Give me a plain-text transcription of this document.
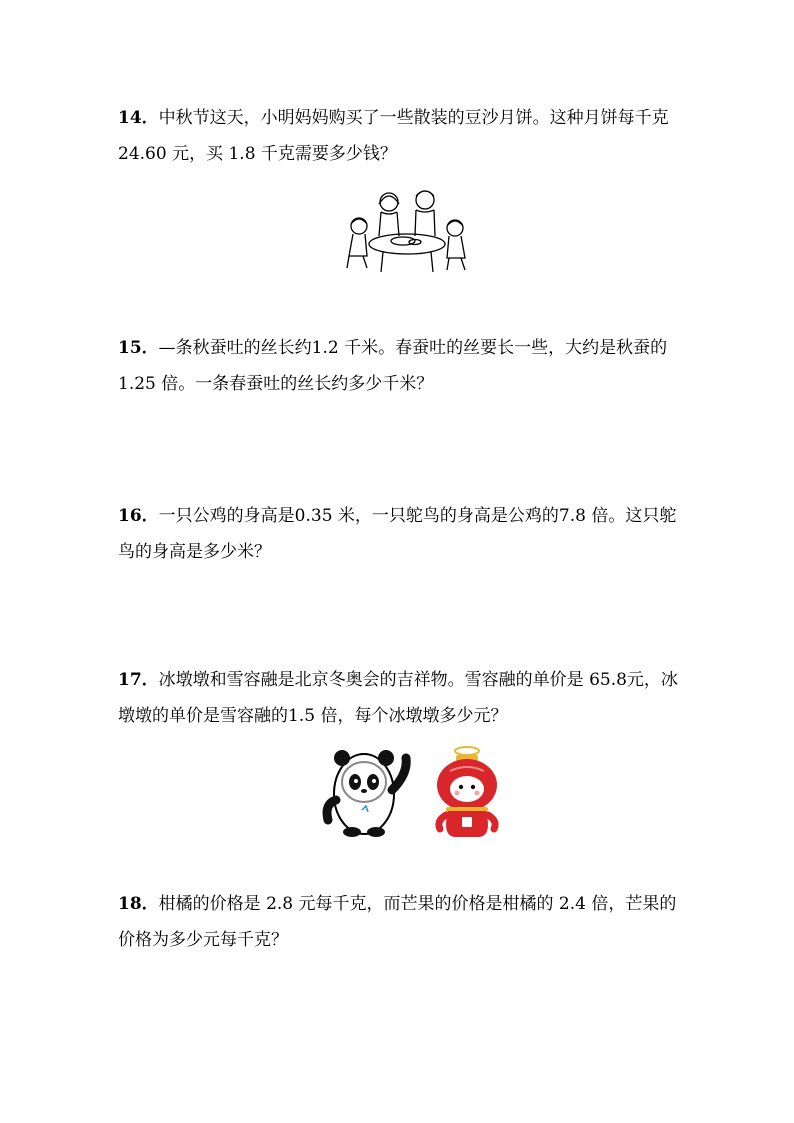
14．中秋节这天，小明妈妈购买了一些散装的豆沙月饼。这种月饼每千克 24.60 元，买 1.8 千克需要多少钱？

15．—条秋蚕吐的丝长约1.2 千米。春蚕吐的丝要长一些，大约是秋蚕的 1.25 倍。一条春蚕吐的丝长约多少千米？

16．一只公鸡的身高是0.35 米，一只鸵鸟的身高是公鸡的7.8 倍。这只鸵鸟的身高是多少米？

17．冰墩墩和雪容融是北京冬奥会的吉祥物。雪容融的单价是 65.8元，冰墩墩的单价是雪容融的1.5 倍，每个冰墩墩多少元？

18．柑橘的价格是 2.8 元每千克，而芒果的价格是柑橘的 2.4 倍，芒果的价格为多少元每千克？
